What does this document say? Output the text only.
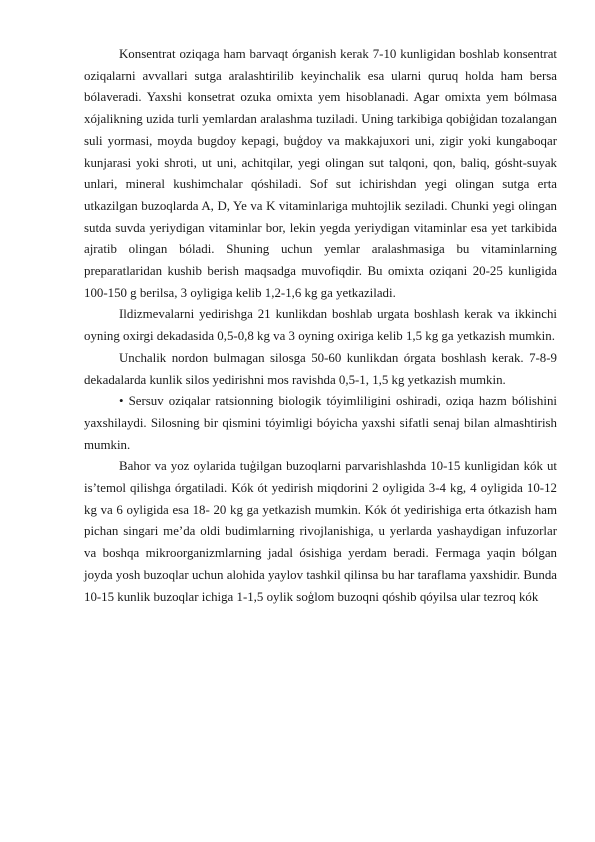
Konsentrat oziqaga ham barvaqt órganish kerak 7-10 kunligidan boshlab konsentrat oziqalarni avvallari sutga aralashtirilib keyinchalik esa ularni quruq holda ham bersa bólaveradi. Yaxshi konsetrat ozuka omixta yem hisoblanadi. Agar omixta yem bólmasa xójalikning uzida turli yemlardan aralashma tuziladi. Uning tarkibiga qobiģidan tozalangan suli yormasi, moyda bugdoy kepagi, buģdoy va makkajuxori uni, zigir yoki kungaboqar kunjarasi yoki shroti, ut uni, achitqilar, yegi olingan sut talqoni, qon, baliq, gósht-suyak unlari, mineral kushimchalar qóshiladi. Sof sut ichirishdan yegi olingan sutga erta utkazilgan buzoqlarda A, D, Ye va K vitaminlariga muhtojlik seziladi. Chunki yegi olingan sutda suvda yeriydigan vitaminlar bor, lekin yegda yeriydigan vitaminlar esa yet tarkibida ajratib olingan bóladi. Shuning uchun yemlar aralashmasiga bu vitaminlarning preparatlaridan kushib berish maqsadga muvofiqdir. Bu omixta oziqani 20-25 kunligida 100-150 g berilsa, 3 oyligiga kelib 1,2-1,6 kg ga yetkaziladi.

Ildizmevalarni yedirishga 21 kunlikdan boshlab urgata boshlash kerak va ikkinchi oyning oxirgi dekadasida 0,5-0,8 kg va 3 oyning oxiriga kelib 1,5 kg ga yetkazish mumkin.

Unchalik nordon bulmagan silosga 50-60 kunlikdan órgata boshlash kerak. 7-8-9 dekadalarda kunlik silos yedirishni mos ravishda 0,5-1, 1,5 kg yetkazish mumkin.

• Sersuv oziqalar ratsionning biologik tóyimliligini oshiradi, oziqa hazm bólishini yaxshilaydi. Silosning bir qismini tóyimligi bóyicha yaxshi sifatli senaj bilan almashtirish mumkin.

Bahor va yoz oylarida tuģilgan buzoqlarni parvarishlashda 10-15 kunligidan kók ut is’temol qilishga órgatiladi. Kók ót yedirish miqdorini 2 oyligida 3-4 kg, 4 oyligida 10-12 kg va 6 oyligida esa 18- 20 kg ga yetkazish mumkin. Kók ót yedirishiga erta ótkazish ham pichan singari me’da oldi budimlarning rivojlanishiga, u yerlarda yashaydigan infuzorlar va boshqa mikroorganizmlarning jadal ósishiga yerdam beradi. Fermaga yaqin bólgan joyda yosh buzoqlar uchun alohida yaylov tashkil qilinsa bu har taraflama yaxshidir. Bunda 10-15 kunlik buzoqlar ichiga 1-1,5 oylik soģlom buzoqni qóshib qóyilsa ular tezroq kók
